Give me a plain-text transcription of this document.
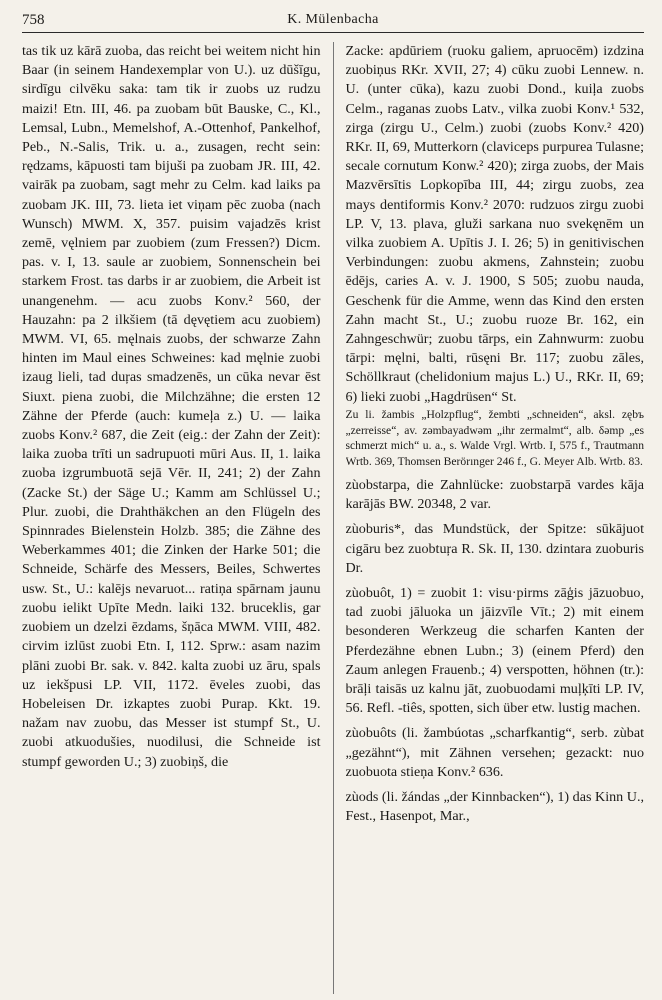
758	K. Mülenbacha

tas tik uz kārā zuoba, das reicht bei weitem nicht hin Baar (in seinem Handexemplar von U.). uz dūšīgu, sirdīgu cilvēku saka: tam tik ir zuobs uz rudzu maizi! Etn. III, 46. pa zuobam būt Bauske, C., Kl., Lemsal, Lubn., Memelshof, A.-Ottenhof, Pankelhof, Peb., N.-Salis, Trik. u. a., zusagen, recht sein: rędzams, kāpuosti tam bijuši pa zuobam JR. III, 42. vairāk pa zuobam, sagt mehr zu Celm. kad laiks pa zuobam JK. III, 73. lieta iet viņam pēc zuoba (nach Wunsch) MWM. X, 357. puisim vajadzēs krist zemē, vęlniem par zuobiem (zum Fressen?) Dicm. pas. v. I, 13. saule ar zuobiem, Sonnenschein bei starkem Frost. tas darbs ir ar zuobiem, die Arbeit ist unangenehm. — acu zuobs Konv.² 560, der Hauzahn: pa 2 ilkšiem (tā dęvętiem acu zuobiem) MWM. VI, 65. męlnais zuobs, der schwarze Zahn hinten im Maul eines Schweines: kad męlnie zuobi izaug lieli, tad duŗas smadzenēs, un cūka nevar ēst Siuxt. piena zuobi, die Milchzähne; die ersten 12 Zähne der Pferde (auch: kumeļa z.) U. — laika zuobs Konv.² 687, die Zeit (eig.: der Zahn der Zeit): laika zuoba trīti un sadrupuoti mūri Aus. II, 1. laika zuoba izgrumbuotā sejā Vēr. II, 241; 2) der Zahn (Zacke St.) der Säge U.; Kamm am Schlüssel U.; Plur. zuobi, die Drahthäkchen an den Flügeln des Spinnrades Bielenstein Holzb. 385; die Zähne des Weberkammes 401; die Zinken der Harke 501; die Schneide, Schärfe des Messers, Beiles, Schwertes usw. St., U.: kalējs nevaruot... ratiņa spārnam jaunu zuobu ielikt Upīte Medn. laiki 132. bruceklis, gar zuobiem un dzelzi ēzdams, šņāca MWM. VIII, 482. cirvim izlūst zuobi Etn. I, 112. Sprw.: asam nazim plāni zuobi Br. sak. v. 842. kalta zuobi uz āru, spals uz iekšpusi LP. VII, 1172. ēveles zuobi, das Hobeleisen Dr. izkaptes zuobi Purap. Kkt. 19. nažam nav zuobu, das Messer ist stumpf St., U. zuobi atkuodušies, nuodilusi, die Schneide ist stumpf geworden U.; 3) zuobiņš, die

Zacke: apdūriem (ruoku galiem, apruocēm) izdzina zuobiņus RKr. XVII, 27; 4) cūku zuobi Lennew. n. U. (unter cūka), kazu zuobi Dond., kuiļa zuobs Celm., raganas zuobs Latv., vilka zuobi Konv.¹ 532, zirga (zirgu U., Celm.) zuobi (zuobs Konv.² 420) RKr. II, 69, Mutterkorn (claviceps purpurea Tulasne; secale cornutum Konw.² 420); zirga zuobs, der Mais Mazvērsītis Lopkopība III, 44; zirgu zuobs, zea mays dentiformis Konv.² 2070: rudzuos zirgu zuobi LP. V, 13. plava, gluži sarkana nuo svekęnēm un vilka zuobiem A. Upītis J. I. 26; 5) in genitivischen Verbindungen: zuobu akmens, Zahnstein; zuobu ēdējs, caries A. v. J. 1900, S 505; zuobu nauda, Geschenk für die Amme, wenn das Kind den ersten Zahn macht St., U.; zuobu ruoze Br. 162, ein Zahngeschwür; zuobu tārps, ein Zahnwurm: zuobu tārpi: męlni, balti, rūsęni Br. 117; zuobu zāles, Schöllkraut (chelidonium majus L.) U., RKr. II, 69; 6) lieki zuobi „Hagdrüsen“ St.

Zu li. žambis „Holzpflug“, žembti „schneiden“, aksl. zębъ „zerreisse“, av. zəmbayadwəm „ihr zermalmt“, alb. δəmp „es schmerzt mich“ u. a., s. Walde Vrgl. Wrtb. I, 575 f., Trautmann Wrtb. 369, Thomsen Berörınger 246 f., G. Meyer Alb. Wrtb. 83.

zùobstarpa, die Zahnlücke: zuobstarpā vardes kāja karājās BW. 20348, 2 var.

zùoburis*, das Mundstück, der Spitze: sūkājuot cigāru bez zuobtuŗa R. Sk. II, 130. dzintara zuoburis Dr.

zùobuôt, 1) = zuobit 1: visu·pirms zāģis jāzuobuo, tad zuobi jāluoka un jāizvīle Vīt.; 2) mit einem besonderen Werkzeug die scharfen Kanten der Pferdezähne ebnen Lubn.; 3) (einem Pferd) den Zaum anlegen Frauenb.; 4) verspotten, höhnen (tr.): brāļi taisās uz kalnu jāt, zuobuodami muļķīti LP. IV, 56. Refl. -tiês, spotten, sich über etw. lustig machen.

zùobuôts (li. žambúotas „scharfkantig“, serb. zùbat „gezähnt“), mit Zähnen versehen; gezackt: nuo zuobuota stieņa Konv.² 636.

zùods (li. žándas „der Kinnbacken“), 1) das Kinn U., Fest., Hasenpot, Mar.,
